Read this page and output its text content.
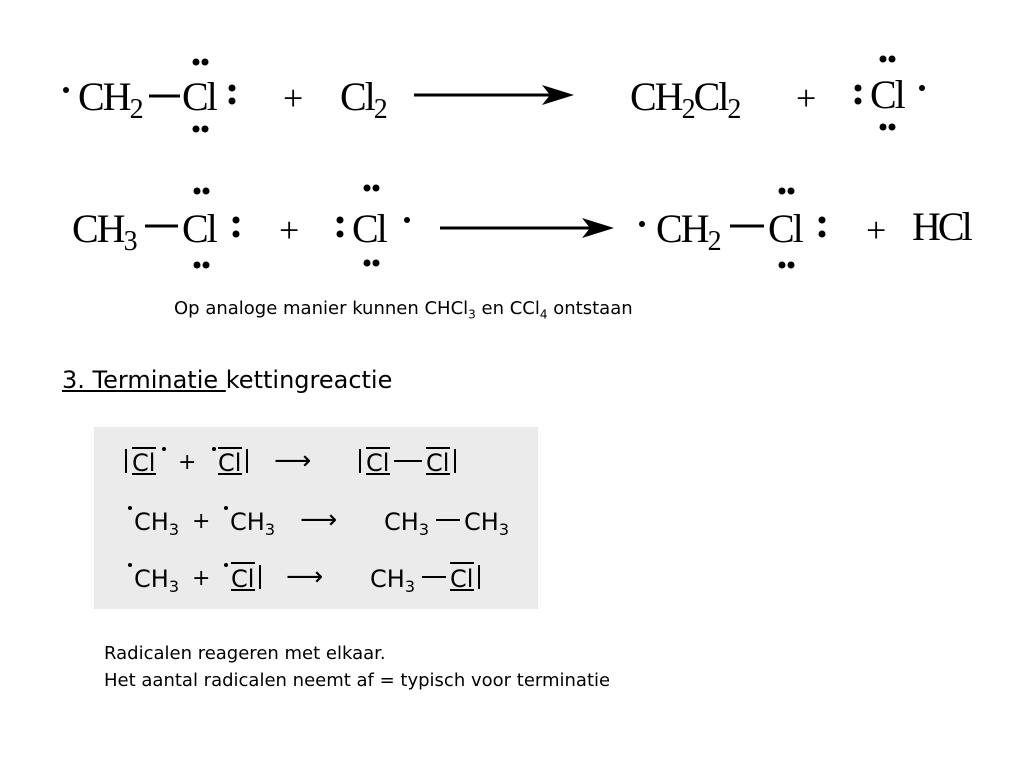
$CH_2$ $Cl + Cl_2$	$CH_2Cl_2 + Cl$
$CH_3$ Cl + Cl	$CH_2$ Cl + HCl

Op analoge manier kunnen CHCl$_3$ en CCl$_4$ ontstaan

3. Terminatie kettingreactie

Cl + Cl ⟶ Cl Cl
$CH_3 + CH_3$ ⟶ $CH_3$ $CH_3$
$CH_3 + Cl$ ⟶ $CH_3$ Cl
Radicalen reageren met elkaar.
Het aantal radicalen neemt af = typisch voor terminatie
